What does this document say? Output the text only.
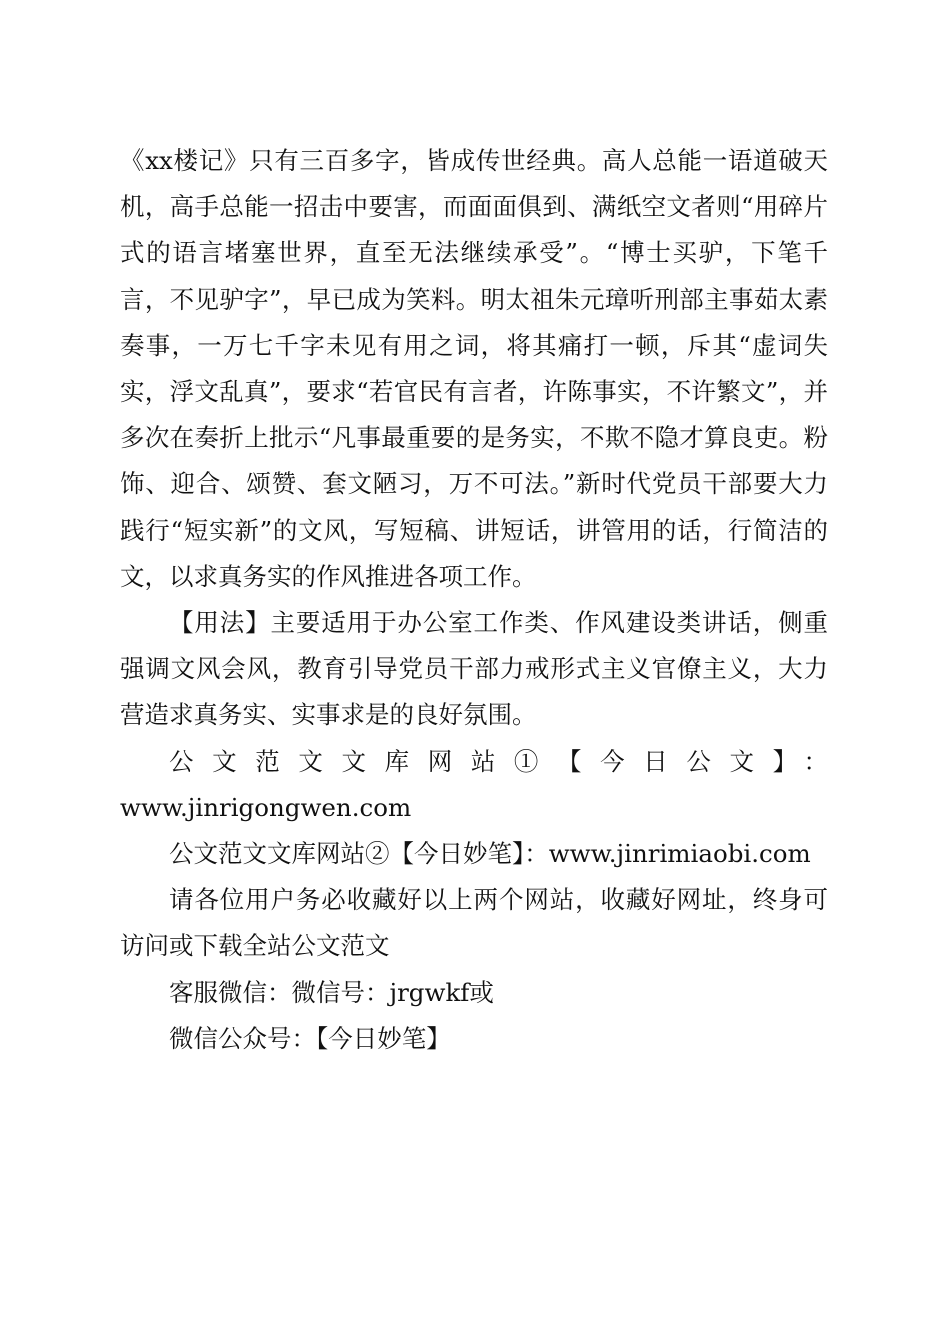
《xx楼记》只有三百多字，皆成传世经典。高人总能一语道破天机，高手总能一招击中要害，而面面俱到、满纸空文者则“用碎片式的语言堵塞世界，直至无法继续承受”。“博士买驴，下笔千言，不见驴字”，早已成为笑料。明太祖朱元璋听刑部主事茹太素奏事，一万七千字未见有用之词，将其痛打一顿，斥其“虚词失实，浮文乱真”，要求“若官民有言者，许陈事实，不许繁文”，并多次在奏折上批示“凡事最重要的是务实，不欺不隐才算良吏。粉饰、迎合、颂赞、套文陋习，万不可法。”新时代党员干部要大力践行“短实新”的文风，写短稿、讲短话，讲管用的话，行简洁的文，以求真务实的作风推进各项工作。

【用法】主要适用于办公室工作类、作风建设类讲话，侧重强调文风会风，教育引导党员干部力戒形式主义官僚主义，大力营造求真务实、实事求是的良好氛围。

公文范文文库网站①【今日公文】：

www.jinrigongwen.com

公文范文文库网站②【今日妙笔】：www.jinrimiaobi.com

请各位用户务必收藏好以上两个网站，收藏好网址，终身可访问或下载全站公文范文

客服微信：微信号：jrgwkf或

微信公众号：【今日妙笔】
